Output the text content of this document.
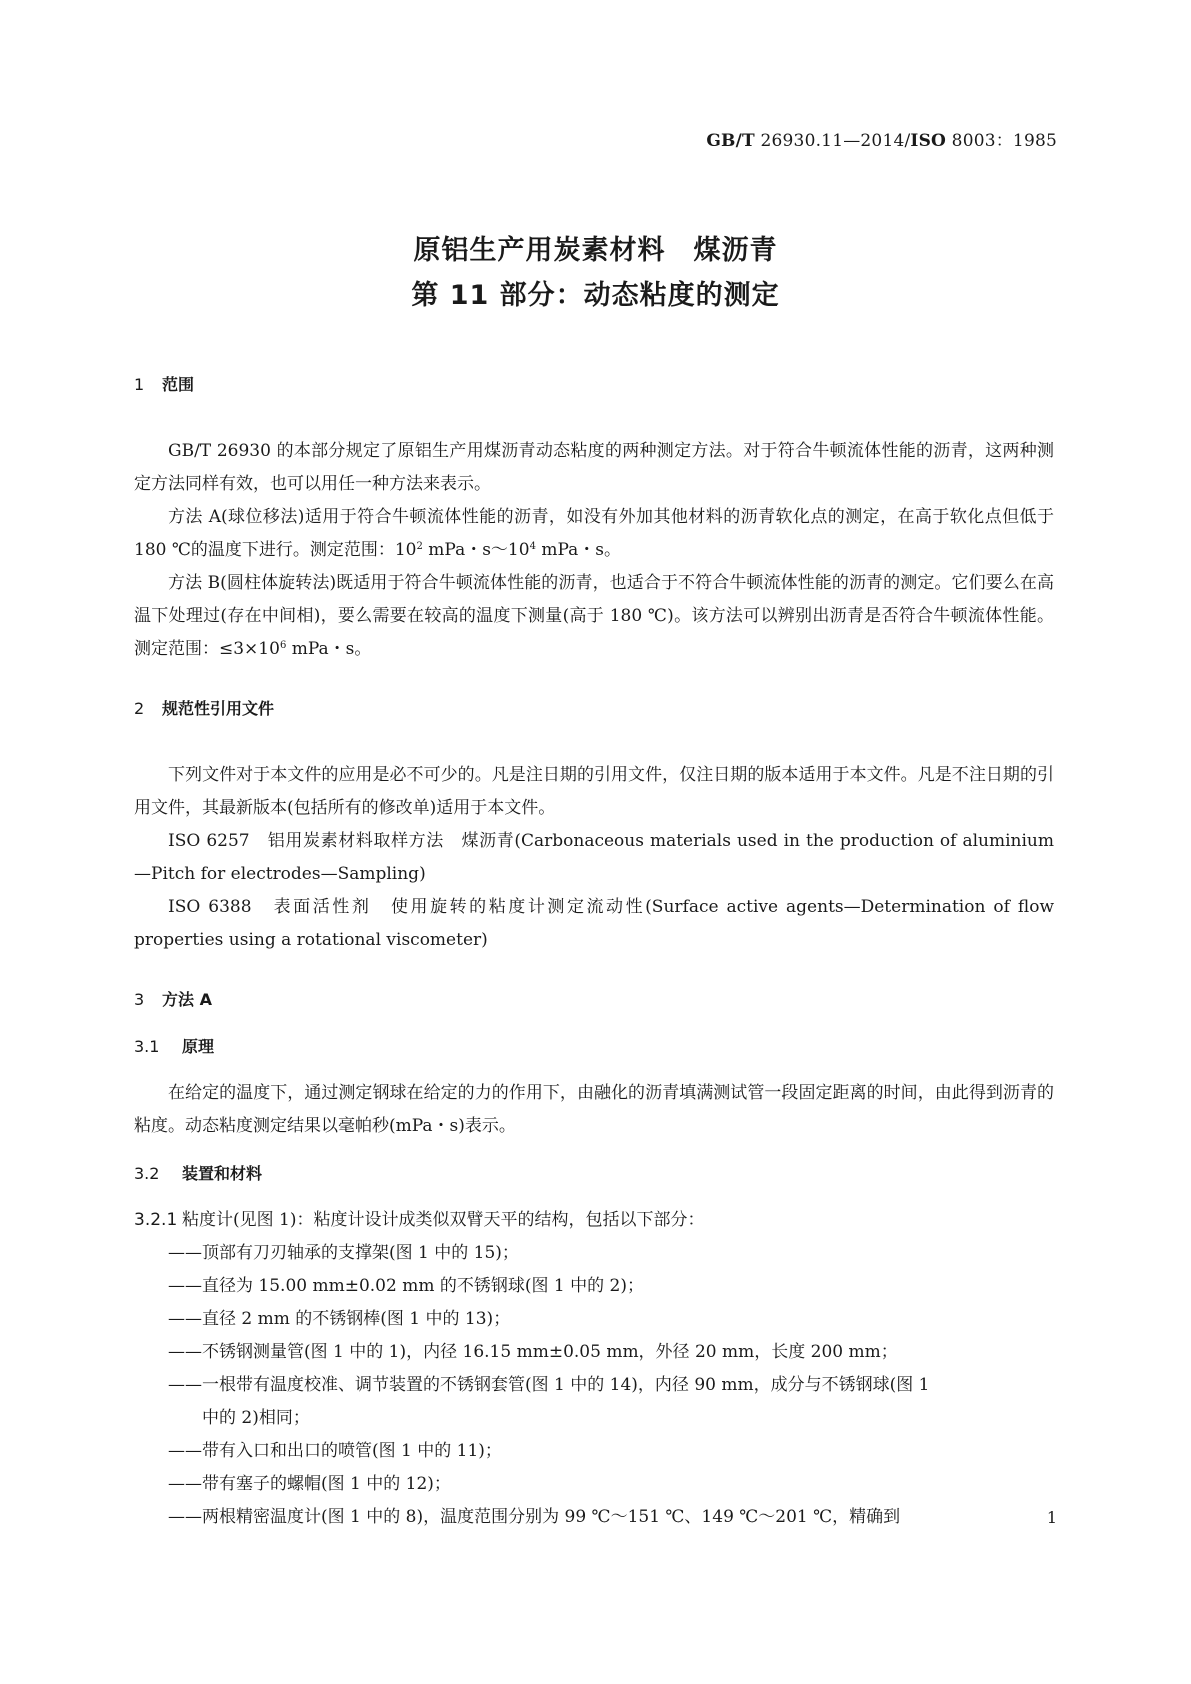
GB/T 26930.11—2014/ISO 8003：1985
原铝生产用炭素材料　煤沥青
第 11 部分：动态粘度的测定
1 范围

GB/T 26930 的本部分规定了原铝生产用煤沥青动态粘度的两种测定方法。对于符合牛顿流体性能的沥青，这两种测定方法同样有效，也可以用任一种方法来表示。

方法 A(球位移法)适用于符合牛顿流体性能的沥青，如没有外加其他材料的沥青软化点的测定，在高于软化点但低于 180 ℃的温度下进行。测定范围：$10^2$ mPa・$s\sim 10^4$ mPa・s。

方法 B(圆柱体旋转法)既适用于符合牛顿流体性能的沥青，也适合于不符合牛顿流体性能的沥青的测定。它们要么在高温下处理过(存在中间相)，要么需要在较高的温度下测量(高于 180 ℃)。该方法可以辨别出沥青是否符合牛顿流体性能。测定范围：$\le 3\times 10^6$ mPa・s。

2 规范性引用文件

下列文件对于本文件的应用是必不可少的。凡是注日期的引用文件，仅注日期的版本适用于本文件。凡是不注日期的引用文件，其最新版本(包括所有的修改单)适用于本文件。

ISO 6257　铝用炭素材料取样方法　煤沥青(Carbonaceous materials used in the production of aluminium—Pitch for electrodes—Sampling)

ISO 6388　表面活性剂　使用旋转的粘度计测定流动性(Surface active agents—Determination of flow properties using a rotational viscometer)

3 方法 A
3.1 原理

在给定的温度下，通过测定钢球在给定的力的作用下，由融化的沥青填满测试管一段固定距离的时间，由此得到沥青的粘度。动态粘度测定结果以毫帕秒(mPa・s)表示。

3.2 装置和材料

3.2.1 粘度计(见图 1)：粘度计设计成类似双臂天平的结构，包括以下部分：

——顶部有刀刃轴承的支撑架(图 1 中的 15)；

——直径为 15.00 mm±0.02 mm 的不锈钢球(图 1 中的 2)；

——直径 2 mm 的不锈钢棒(图 1 中的 13)；

——不锈钢测量管(图 1 中的 1)，内径 16.15 mm±0.05 mm，外径 20 mm，长度 200 mm；

——一根带有温度校准、调节装置的不锈钢套管(图 1 中的 14)，内径 90 mm，成分与不锈钢球(图 1
中的 2)相同；

——带有入口和出口的喷管(图 1 中的 11)；

——带有塞子的螺帽(图 1 中的 12)；

——两根精密温度计(图 1 中的 8)，温度范围分别为 99 ℃～151 ℃、149 ℃～201 ℃，精确到	1
